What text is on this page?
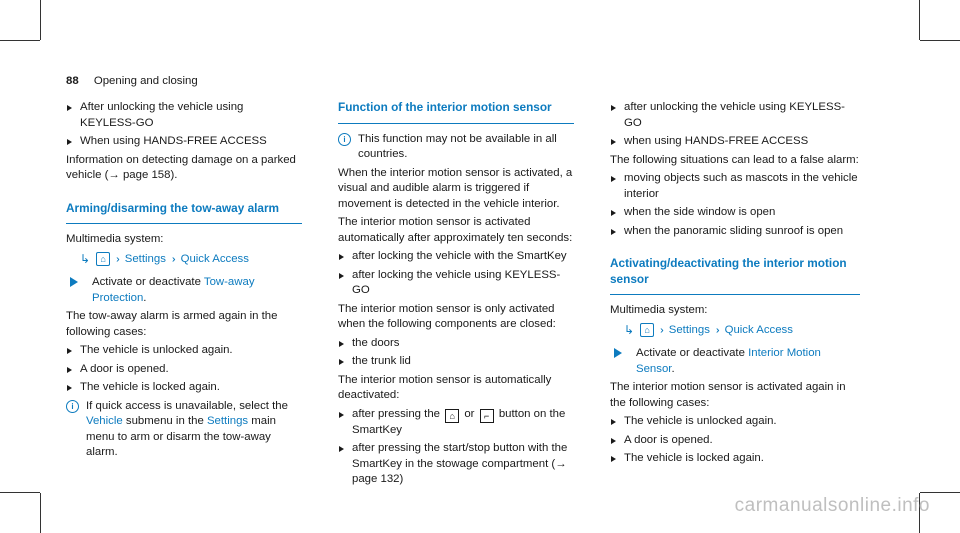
88 Opening and closing
After unlocking the vehicle using KEYLESS-GO
When using HANDS-FREE ACCESS

Information on detecting damage on a parked vehicle (→ page 158).

Arming/disarming the tow-away alarm

Multimedia system:

↳	⌂	›› Settings ›› Quick Access
Activate or deactivate Tow-away Protection.

The tow-away alarm is armed again in the following cases:

The vehicle is unlocked again.
A door is opened.
The vehicle is locked again.
i	If quick access is unavailable, select the Vehicle submenu in the Settings main menu to arm or disarm the tow-away alarm.
Function of the interior motion sensor
i	This function may not be available in all countries.

When the interior motion sensor is activated, a visual and audible alarm is triggered if movement is detected in the vehicle interior.

The interior motion sensor is activated automatically after approximately ten seconds:

after locking the vehicle with the SmartKey
after locking the vehicle using KEYLESS-GO

The interior motion sensor is only activated when the following components are closed:

the doors
the trunk lid

The interior motion sensor is automatically deactivated:

after pressing the ⌂ or ⌐ button on the SmartKey
after pressing the start/stop button with the SmartKey in the stowage compartment (→ page 132)
after unlocking the vehicle using KEYLESS-GO
when using HANDS-FREE ACCESS

The following situations can lead to a false alarm:

moving objects such as mascots in the vehicle interior
when the side window is open
when the panoramic sliding sunroof is open
Activating/deactivating the interior motion sensor

Multimedia system:

↳	⌂	›› Settings ›› Quick Access
Activate or deactivate Interior Motion Sensor.

The interior motion sensor is activated again in the following cases:

The vehicle is unlocked again.
A door is opened.
The vehicle is locked again.
carmanualsonline.info
